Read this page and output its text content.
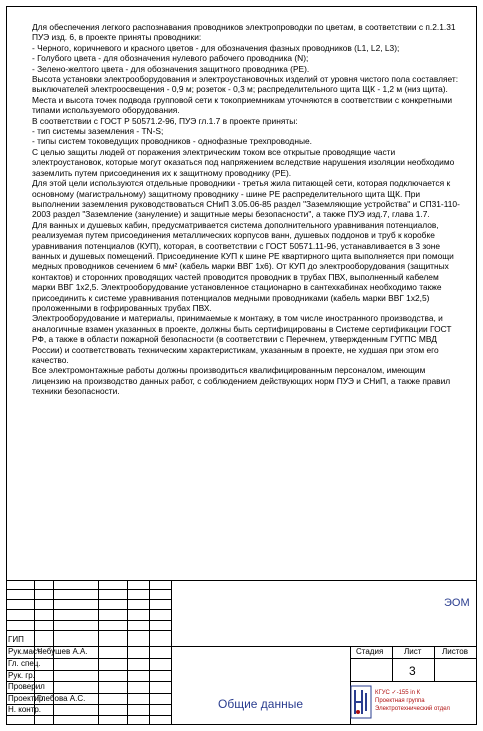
Для обеспечения легкого распознавания проводников электропроводки по цветам, в соответствии с п.2.1.31 ПУЭ изд. 6, в проекте приняты проводники:
- Черного, коричневого и красного цветов - для обозначения фазных проводников (L1, L2, L3);
- Голубого цвета - для обозначения нулевого рабочего проводника (N);
- Зелено-желтого цвета - для обозначения защитного проводника (PE).
Высота установки электрооборудования и электроустановочных изделий от уровня чистого пола составляет: выключателей электроосвещения - 0,9 м; розеток - 0,3 м; распределительного щита ЩК - 1,2 м (низ щита). Места и высота точек подвода групповой сети к токоприемникам уточняются в соответствии с конкретными типами используемого оборудования.
В соответствии с ГОСТ Р 50571.2-96, ПУЭ гл.1.7 в проекте приняты:
- тип системы заземления - TN-S;
- типы систем токоведущих проводников - однофазные трехпроводные.
С целью защиты людей от поражения электрическим током все открытые проводящие части электроустановок, которые могут оказаться под напряжением вследствие нарушения изоляции необходимо заземлить путем присоединения их к защитному проводнику (PE).
Для этой цели используются отдельные проводники - третья жила питающей сети, которая подключается к основному (магистральному) защитному проводнику - шине PE распределительного щита ЩК. При выполнении заземления руководствоваться СНиП 3.05.06-85 раздел "Заземляющие устройства" и СП31-110-2003 раздел "Заземление (зануление) и защитные меры безопасности", а также ПУЭ изд.7, глава 1.7.
Для ванных и душевых кабин, предусматривается система дополнительного уравнивания потенциалов, реализуемая путем присоединения металлических корпусов ванн, душевых поддонов и труб к коробке уравнивания потенциалов (КУП), которая, в соответствии с ГОСТ 50571.11-96, устанавливается в 3 зоне ванных и душевых помещений. Присоединение КУП к шине PE квартирного щита выполняется при помощи медных проводников сечением 6 мм² (кабель марки ВВГ 1х6). От КУП до электрооборудования (защитных контактов) и сторонних проводящих частей проводится проводник в трубах ПВХ, выполненный кабелем марки ВВГ 1х2,5. Электрооборудование установленное стационарно в сантехкабинах необходимо также присоединить к системе уравнивания потенциалов медными проводниками (кабель марки ВВГ 1х2,5) проложенными в гофрированных трубах ПВХ.
Электрооборудование и материалы, принимаемые к монтажу, в том числе иностранного производства, и аналогичные взамен указанных в проекте, должны быть сертифицированы в Системе сертификации ГОСТ РФ, а также в области пожарной безопасности (в соответствии с Перечнем, утвержденным ГУГПС МВД России) и соответствовать техническим характеристикам, указанным в проекте, не худшая при этом его качество.
Все электромонтажные работы должны производиться квалифицированным персоналом, имеющим лицензию на производство данных работ, с соблюдением действующих норм ПУЭ и СНиП, а также правил техники безопасности.
ЭОМ
ГИП
Рук.маст.
Чебушев А.А.
Гл. спец.
Рук. гр.
Проверил
Проектир.
Глебова А.С.
Н. контр.
Стадия	Лист	Листов
3
Общие данные
КГУС ✓-155 in К
Проектная группа
Электротехнический отдел
